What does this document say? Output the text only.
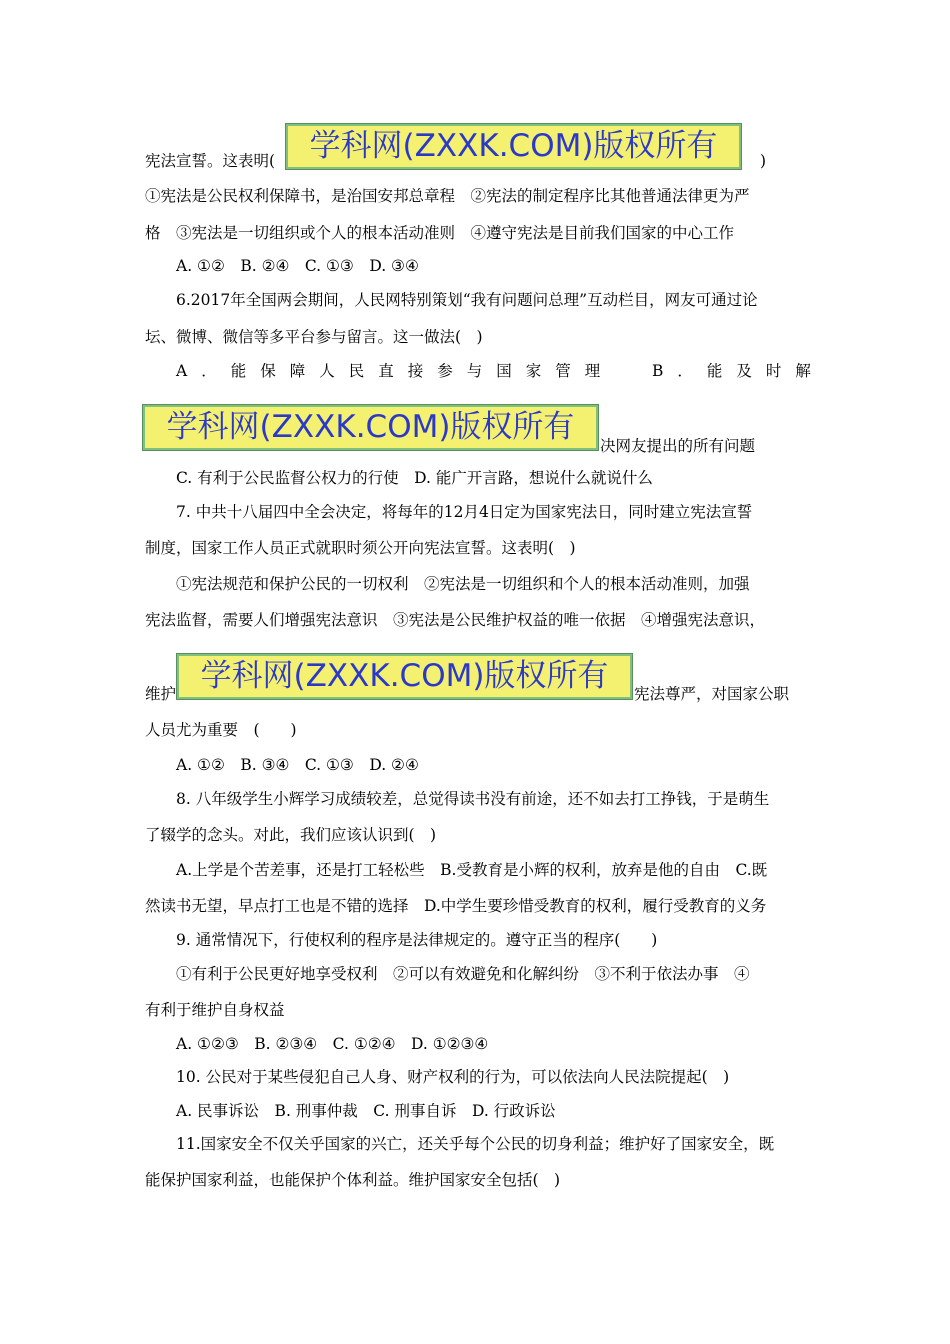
学科网(ZXXK.COM)版权所有
学科网(ZXXK.COM)版权所有
学科网(ZXXK.COM)版权所有
宪法宣誓。这表明(	)
①宪法是公民权利保障书，是治国安邦总章程　②宪法的制定程序比其他普通法律更为严
格　③宪法是一切组织或个人的根本活动准则　④遵守宪法是目前我们国家的中心工作
A. ①②　B. ②④　C. ①③　D. ③④
6.2017年全国两会期间，人民网特别策划“我有问题问总理”互动栏目，网友可通过论
坛、微博、微信等多平台参与留言。这一做法(　)
A．能保障人民直接参与国家管理 B．能及时解
决网友提出的所有问题
C. 有利于公民监督公权力的行使　D. 能广开言路，想说什么就说什么
7. 中共十八届四中全会决定，将每年的12月4日定为国家宪法日，同时建立宪法宣誓
制度，国家工作人员正式就职时须公开向宪法宣誓。这表明(　)
①宪法规范和保护公民的一切权利　②宪法是一切组织和个人的根本活动准则，加强
宪法监督，需要人们增强宪法意识　③宪法是公民维护权益的唯一依据　④增强宪法意识，
维护	宪法尊严，对国家公职
人员尤为重要　(　　)
A. ①②　B. ③④　C. ①③　D. ②④
8. 八年级学生小辉学习成绩较差，总觉得读书没有前途，还不如去打工挣钱，于是萌生
了辍学的念头。对此，我们应该认识到(　)
A.上学是个苦差事，还是打工轻松些　B.受教育是小辉的权利，放弃是他的自由　C.既
然读书无望，早点打工也是不错的选择　D.中学生要珍惜受教育的权利，履行受教育的义务
9. 通常情况下，行使权利的程序是法律规定的。遵守正当的程序(　　)
①有利于公民更好地享受权利　②可以有效避免和化解纠纷　③不利于依法办事　④
有利于维护自身权益
A. ①②③　B. ②③④　C. ①②④　D. ①②③④
10. 公民对于某些侵犯自己人身、财产权利的行为，可以依法向人民法院提起(　)
A. 民事诉讼　B. 刑事仲裁　C. 刑事自诉　D. 行政诉讼
11.国家安全不仅关乎国家的兴亡，还关乎每个公民的切身利益；维护好了国家安全，既
能保护国家利益，也能保护个体利益。维护国家安全包括(　)
